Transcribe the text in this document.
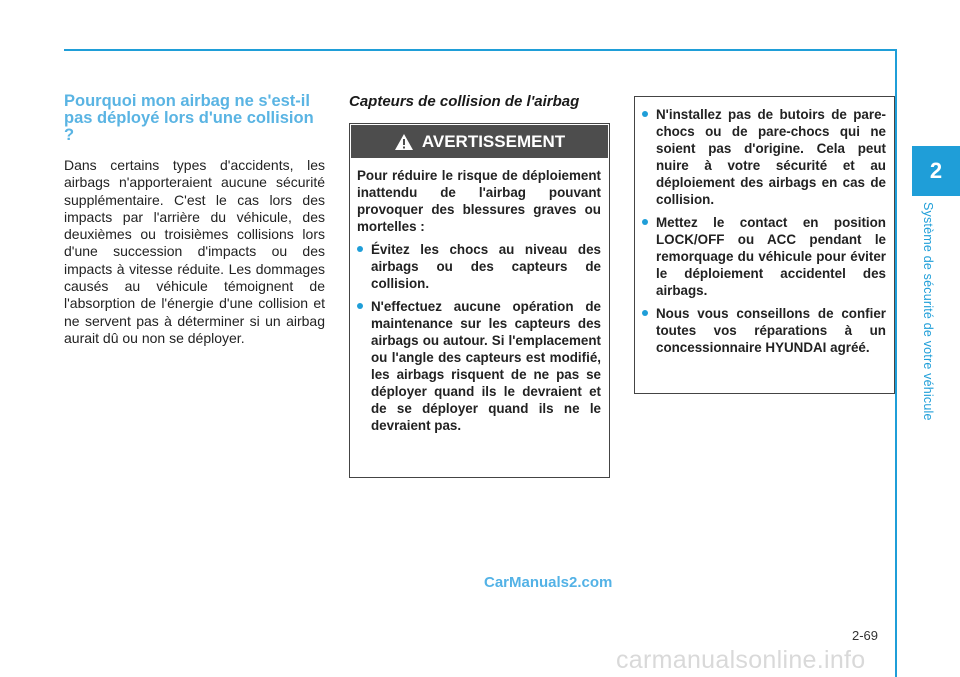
2
Système de sécurité de votre véhicule
Pourquoi mon airbag ne s'est-il pas déployé lors d'une collision ?

Dans certains types d'accidents, les airbags n'apporteraient aucune sécurité supplémentaire. C'est le cas lors des impacts par l'arrière du véhicule, des deuxièmes ou troisièmes collisions lors d'une succession d'impacts ou des impacts à vitesse réduite. Les dommages causés au véhicule témoignent de l'absorption de l'énergie d'une collision et ne servent pas à déterminer si un airbag aurait dû ou non se déployer.

Capteurs de collision de l'airbag
AVERTISSEMENT

Pour réduire le risque de déploiement inattendu de l'airbag pouvant provoquer des blessures graves ou mortelles :

Évitez les chocs au niveau des airbags ou des capteurs de collision.
N'effectuez aucune opération de maintenance sur les capteurs des airbags ou autour. Si l'emplacement ou l'angle des capteurs est modifié, les airbags risquent de ne pas se déployer quand ils le devraient et de se déployer quand ils ne le devraient pas.
N'installez pas de butoirs de pare-chocs ou de pare-chocs qui ne soient pas d'origine. Cela peut nuire à votre sécurité et au déploiement des airbags en cas de collision.
Mettez le contact en position LOCK/OFF ou ACC pendant le remorquage du véhicule pour éviter le déploiement accidentel des airbags.
Nous vous conseillons de confier toutes vos réparations à un concessionnaire HYUNDAI agréé.
CarManuals2.com
2-69
carmanualsonline.info
